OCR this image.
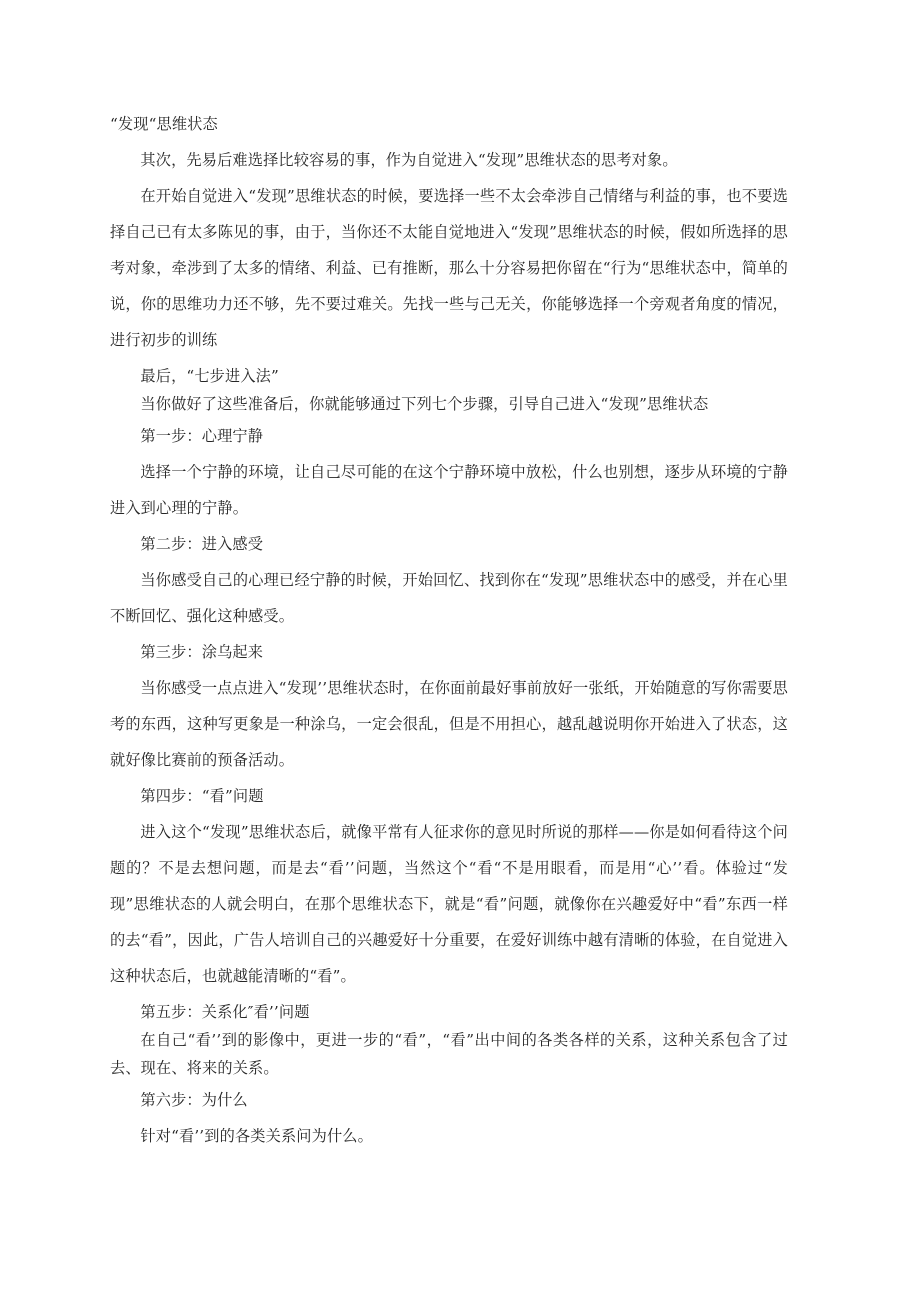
“发现“思维状态

其次，先易后难选择比较容易的事，作为自觉进入“发现”思维状态的思考对象。

在开始自觉进入“发现”思维状态的时候，要选择一些不太会牵涉自己情绪与利益的事，也不要选择自己已有太多陈见的事，由于，当你还不太能自觉地进入“发现”思维状态的时候，假如所选择的思考对象，牵涉到了太多的情绪、利益、已有推断，那么十分容易把你留在“行为“思维状态中，简单的说，你的思维功力还不够，先不要过难关。先找一些与己无关，你能够选择一个旁观者角度的情况，进行初步的训练

最后，“七步进入法”

当你做好了这些准备后，你就能够通过下列七个步骤，引导自己进入“发现”思维状态

第一步：心理宁静

选择一个宁静的环境，让自己尽可能的在这个宁静环境中放松，什么也别想，逐步从环境的宁静进入到心理的宁静。

第二步：进入感受

当你感受自己的心理已经宁静的时候，开始回忆、找到你在“发现”思维状态中的感受，并在心里不断回忆、强化这种感受。

第三步：涂乌起来

当你感受一点点进入“发现’’思维状态时，在你面前最好事前放好一张纸，开始随意的写你需要思考的东西，这种写更象是一种涂乌，一定会很乱，但是不用担心，越乱越说明你开始进入了状态，这就好像比赛前的预备活动。

第四步：“看”问题

进入这个“发现”思维状态后，就像平常有人征求你的意见时所说的那样——你是如何看待这个问题的？不是去想问题，而是去“看’’问题，当然这个“看“不是用眼看，而是用“心’’看。体验过“发现”思维状态的人就会明白，在那个思维状态下，就是“看”问题，就像你在兴趣爱好中“看”东西一样的去“看”，因此，广告人培训自己的兴趣爱好十分重要，在爱好训练中越有清晰的体验，在自觉进入这种状态后，也就越能清晰的“看”。

第五步：关系化″看’’问题

在自己“看’’到的影像中，更进一步的“看”，“看”出中间的各类各样的关系，这种关系包含了过去、现在、将来的关系。

第六步：为什么

针对“看’’到的各类关系问为什么。
